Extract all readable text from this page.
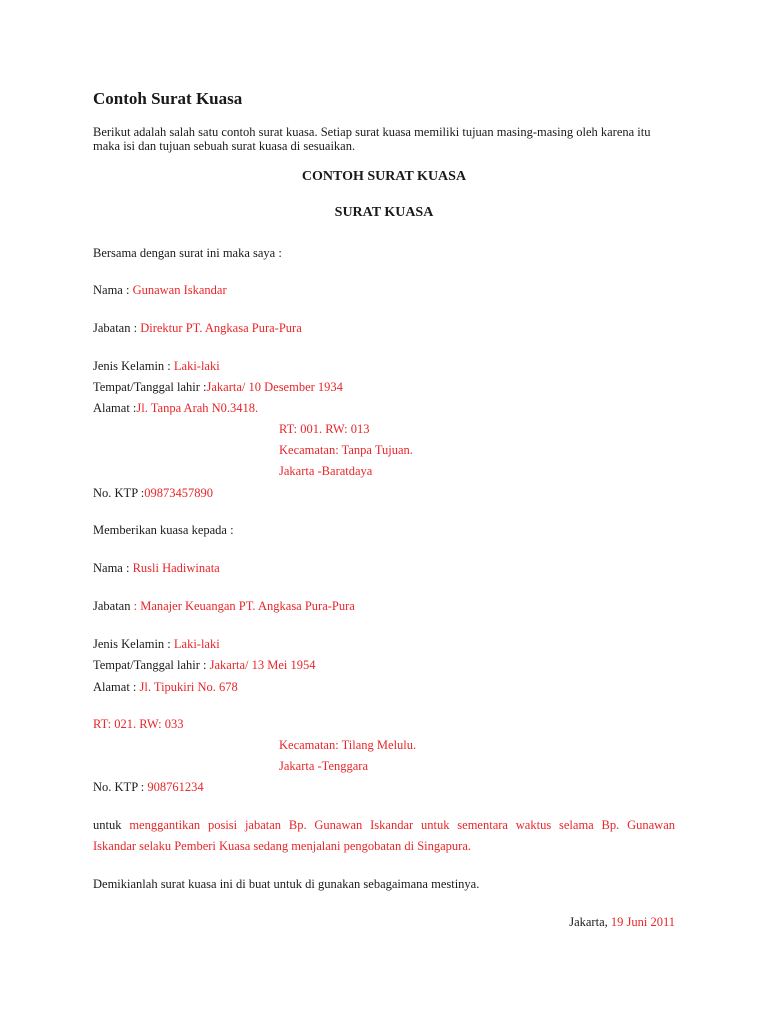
Contoh Surat Kuasa
Berikut adalah salah satu contoh surat kuasa. Setiap surat kuasa memiliki tujuan masing-masing oleh karena itu
maka isi dan tujuan sebuah surat kuasa di sesuaikan.
CONTOH SURAT KUASA
SURAT KUASA
Bersama dengan surat ini maka saya :
Nama : Gunawan Iskandar
Jabatan : Direktur PT. Angkasa Pura-Pura
Jenis Kelamin : Laki-laki
Tempat/Tanggal lahir :Jakarta/ 10 Desember 1934
Alamat :Jl. Tanpa Arah N0.3418.
RT: 001. RW: 013
Kecamatan: Tanpa Tujuan.
Jakarta -Baratdaya
No. KTP :09873457890
Memberikan kuasa kepada :
Nama : Rusli Hadiwinata
Jabatan : Manajer Keuangan PT. Angkasa Pura-Pura
Jenis Kelamin : Laki-laki
Tempat/Tanggal lahir : Jakarta/ 13 Mei 1954
Alamat : Jl. Tipukiri No. 678
RT: 021. RW: 033
Kecamatan: Tilang Melulu.
Jakarta -Tenggara
No. KTP : 908761234
untuk menggantikan posisi jabatan Bp. Gunawan Iskandar untuk sementara waktus selama Bp. Gunawan
Iskandar selaku Pemberi Kuasa sedang menjalani pengobatan di Singapura.
Demikianlah surat kuasa ini di buat untuk di gunakan sebagaimana mestinya.
Jakarta, 19 Juni 2011
